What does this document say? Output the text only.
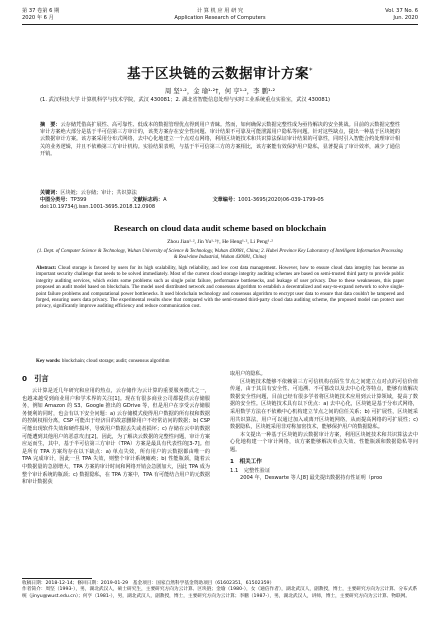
第 37 卷第 6 期
2020 年 6 月
计 算 机 应 用 研 究
Application Research of Computers
Vol. 37 No. 6
Jun. 2020
基于区块链的云数据审计方案*
周 坚¹·²，金 瑜¹·²†，何 亨¹·²，李 鹏¹·²
(1. 武汉科技大学 计算机科学与技术学院，武汉 430081；2. 湖北省智能信息处理与实时工业系统重点实验室，武汉 430081)
摘　要：云存储凭借高扩展性、高可靠性、低成本的数据管理优点得到用户青睐。然而，如何确保云数据完整性成为亟待解决的安全挑战。目前的云数据完整性审计方案绝大部分是基于半可信第三方审计的，该类方案存在安全性问题、审计结果不可靠及可能泄露用户隐私等问题。针对这些缺点，提出一种基于区块链的云数据审计方案。该方案采用分布式网络，去中心化地建立一个点对点网络，利用区块链技术和共识算法保证审计结果的可靠性，同时引入智能合约处理审计相关的业务逻辑，并且不依赖第三方审计机构。实验结果表明，与基于半可信第三方的方案相比，该方案能有效保护用户隐私，显著提高了审计效率，减少了通信开销。
关键词：区块链；云存储；审计；共识算法
中图分类号：TP399	文献标志码：A	文章编号：1001-3695(2020)06-039-1799-05
doi:10.19734/j.issn.1001-3695.2018.12.0908
Research on cloud data audit scheme based on blockchain
Zhou Jian¹·², Jin Yu¹·²†, He Heng¹·², Li Peng¹·²
(1. Dept. of Computer Science & Technology, Wuhan University of Science & Technology, Wuhan 430081, China; 2. Hubei Province Key Laboratory of Intelligent Information Processing & Real-time Industrial, Wuhan 430081, China)
Abstract: Cloud storage is favored by users for its high scalability, high reliability, and low cost data management. However, how to ensure cloud data integrity has become an important security challenge that needs to be solved immediately. Most of the current cloud storage integrity auditing schemes are based on semi-trusted third party to provide public integrity auditing services, which exists some problems such as single point failure, performance bottlenecks, and leakage of user privacy. Due to these weaknesses, this paper proposed an audit model based on blockchain. The model used distributed network and consensus algorithm to establish a decentralized and easy-to-expand network to solve single-point failure problems and computational power bottlenecks. It used blockchain technology and consensus algorithm to encrypt user data to ensure that data couldn't be tampered and forged, ensuring users data privacy. The experimental results show that compared with the semi-trusted third-party cloud data auditing scheme, the proposed model can protect user privacy, significantly improve auditing efficiency and reduce communication cost.
Key words: blockchain; cloud storage; audit; consensus algorithm
0　引言

云计算是近几年研究和应用的热点，云存储作为云计算的重要服务模式之一，也越来越受到商业用户和学术界的关注[1]。现在有很多商业公司都提供云存储服务，例如 Amazon 的 S3、Google 推出的 GDrive 等，但是用户在享受云存储服务便利的同时，也会有以下安全问题：a) 云存储模式使得用户数据的所有权和数据的控制权相分离，CSP 可能出于经济目的故意删除用户不经常访问的数据；b) CSP 可能出现软件失效和硬件损坏，导致用户数据丢失或者损坏；c) 存储在云中的数据可能遭到其他用户的恶意攻击[2]。因此，为了解决云数据的完整性问题，审计方案应运而生，其中，基于半可信第三方审计（TPA）方案是最具有代表性的[3-7]。但是所有 TPA 方案均存在以下缺点：a) 单点失效，所有用户的云数据都由唯一的 TPA 完成审计，因此一旦 TPA 失效，则整个审计系统瘫痪；b) 性能瓶颈，随着云中数据量的急剧增大，TPA 方案的审计时间和网络开销会急剧加大，因此 TPA 成为整个审计系统的瓶颈；c) 数据隐私，在 TPA 方案中，TPA 有可能结合用户的元数据和审计数据获

取用户的隐私。

区块链技术能够不依赖第三方可信机构在陌生节点之间建立点对点的可信价值传递，由于其具有安全性、可追溯、不可篡改以及去中心化等特点，能够有效解决数据安全性问题，目前已经有很多学者将区块链技术应用到云计算领域，提高了数据的安全性。区块链技术具有以下优点：a) 去中心化，区块链是基于分布式网络，采用数学方法在不依赖中心机构建立节点之间的信任关系；b) 可扩展性，区块链采用共识算法，用户可以通过加入或离开区块链网络，从而提高网络的可扩展性；c) 数据隐私，区块链采用非对称加密技术，能够保护用户的数据隐私。

本文提出一种基于区块链的云数据审计方案，利用区块链技术和共识算法去中心化地构建一个审计网络，该方案能够解决单点失效、性能瓶颈和数据隐私等问题。

1　相关工作
1.1　完整性验证

2004 年，Deswarte 等人[8] 最先提出数据持有性证明（proo

收稿日期：2018-12-14；修回日期：2019-01-29　 基金项目：国家自然科学基金资助项目（61602351，61502359）
作者简介：周坚（1993-），男，湖北武汉人，硕士研究生，主要研究方向为云计算、区块链；金瑜（1980-），女（通信作者），湖北武汉人，副教授，博士，主要研究方向为云计算、分布式系统（jinyu@wust.edu.cn）；何亨（1981-），男，湖北武汉人，副教授，博士，主要研究方向为云计算；李鹏（1987-），男，湖北武汉人，讲师，博士，主要研究方向为云计算、物联网。
